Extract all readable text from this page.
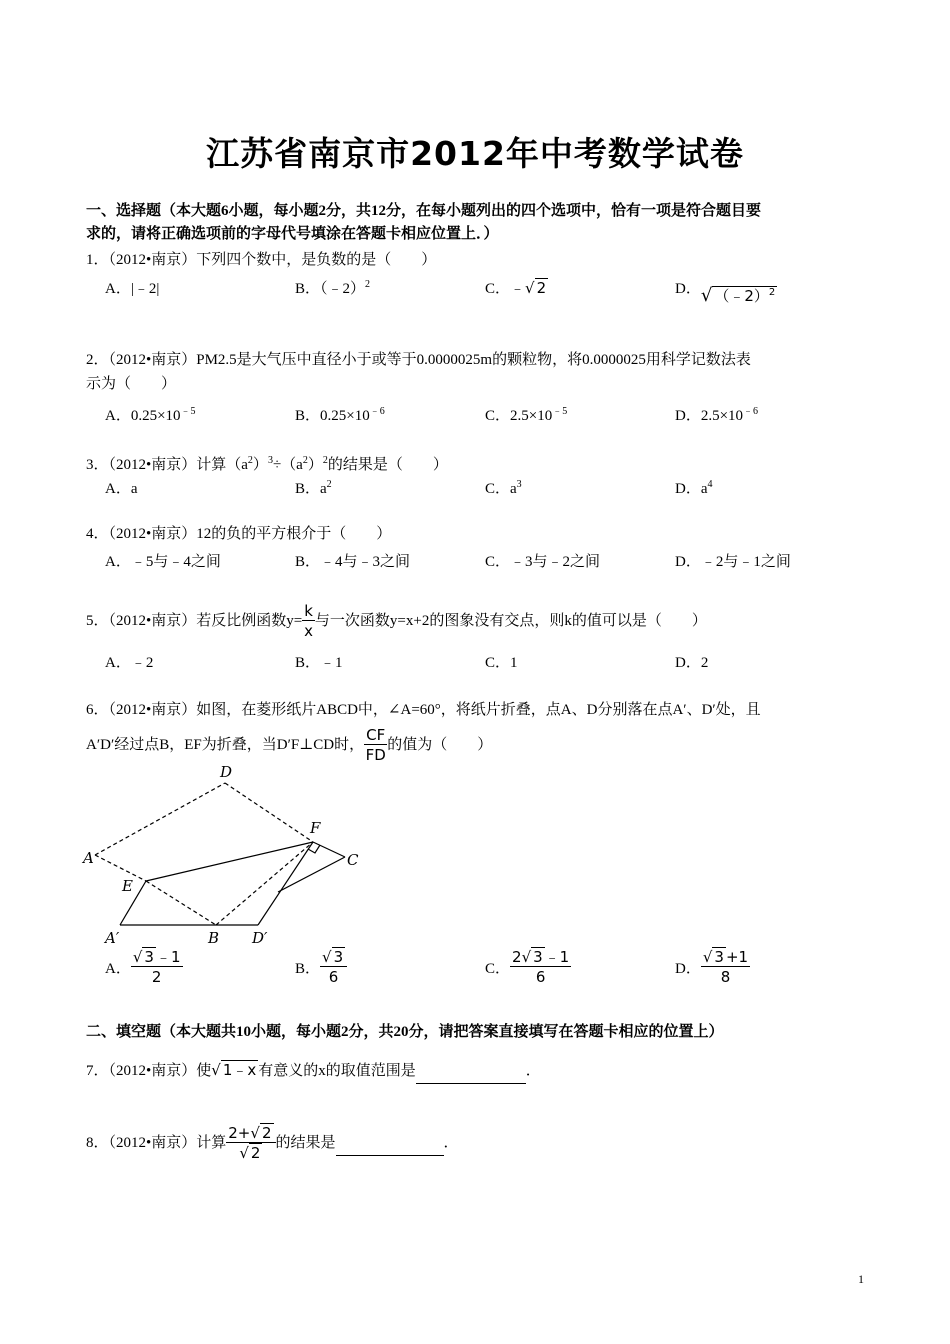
江苏省南京市2012年中考数学试卷
一、选择题（本大题6小题，每小题2分，共12分，在每小题列出的四个选项中，恰有一项是符合题目要
求的，请将正确选项前的字母代号填涂在答题卡相应位置上．）
1．（2012•南京）下列四个数中，是负数的是（　　）
A．|﹣2|	B．（﹣2）$^2$	C．﹣√ 2	D．√ （﹣2）$^2$
2．（2012•南京）PM2.5是大气压中直径小于或等于0.0000025m的颗粒物，将0.0000025用科学记数法表
示为（　　）
A．$0.25\times 10^{﹣5}$	B．$0.25\times 10^{﹣6}$	C．$2.5\times 10^{﹣5}$	D．$2.5\times 10^{﹣6}$
3．（2012•南京）计算$(a^2)^3\div(a^2)^2$的结果是（　　）
A．a	B．$a^2$	C．$a^3$	D．$a^4$
4．（2012•南京）12的负的平方根介于（　　）
A．﹣5与﹣4之间	B．﹣4与﹣3之间	C．﹣3与﹣2之间	D．﹣2与﹣1之间
5．（2012•南京）若反比例函数$y= \frac{k}{x}$ 与一次函数y=x+2的图象没有交点，则k的值可以是（　　）
A．﹣2	B．﹣1	C．1	D．2
6．（2012•南京）如图，在菱形纸片ABCD中，∠A=60°，将纸片折叠，点A、D分别落在点A′、D′处，且
A′D′经过点B，EF为折叠，当D′F⊥CD时， $\frac{CF}{FD}$ 的值为（　　）
D
F
A	C
E
A′	B D′
A． $\frac{√ 3 ﹣1}{2}$	B． $\frac{√ 3}{6}$	C． $\frac{2√ 3 ﹣1}{6}$	D． $\frac{√ 3 +1}{8}$
二、填空题（本大题共10小题，每小题2分，共20分，请把答案直接填写在答题卡相应的位置上）
7．（2012•南京）使√ 1﹣x 有意义的x的取值范围是	．
8．（2012•南京）计算 $\frac{2+√ 2}{√ 2}$ 的结果是	．
1
